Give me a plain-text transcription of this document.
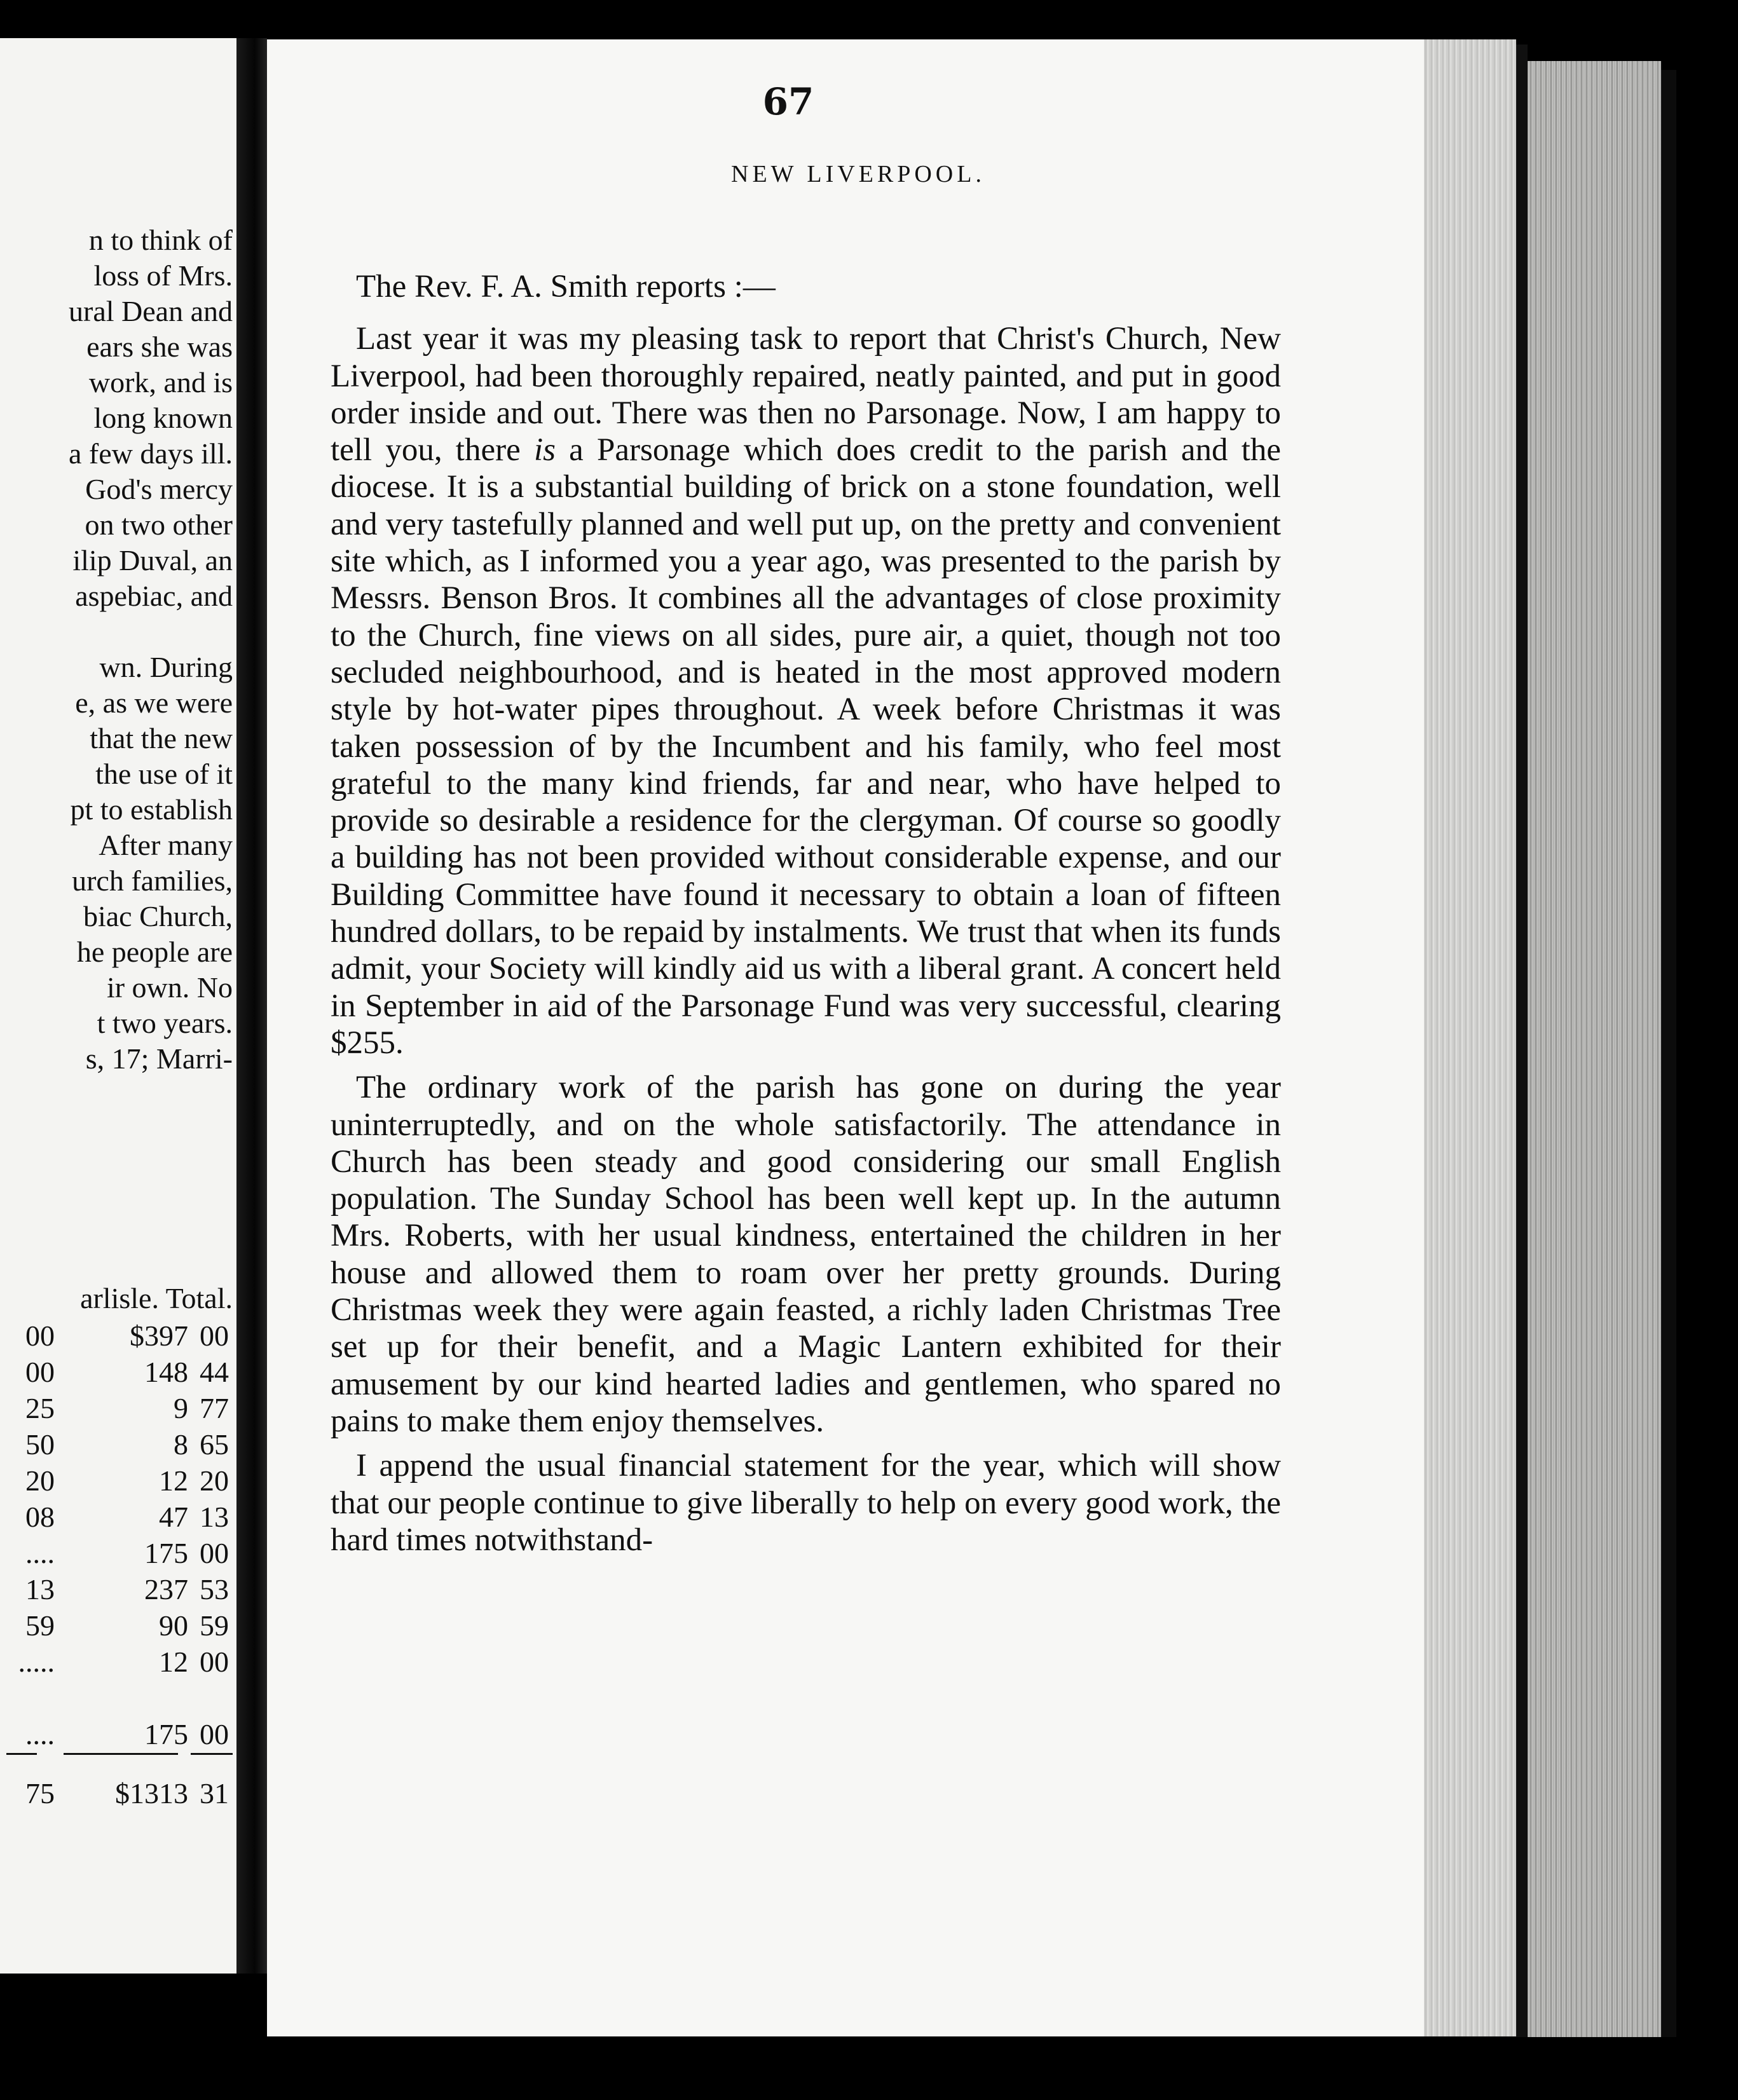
n to think of
loss of Mrs.
ural Dean and
ears she was
work, and is
long known
a few days ill.
God's mercy
on two other
ilip Duval, an
aspebiac, and
wn. During
e, as we were
that the new
the use of it
pt to establish
After many
urch families,
biac Church,
he people are
ir own. No
t two years.
s, 17; Marri-
arlisle. Total.
00	$397 00
00	148 44
25	9 77
50	8 65
20	12 20
08	47 13
....	175 00
13	237 53
59	90 59
.....	12 00
....	175 00
75 $1313 31
67
NEW LIVERPOOL.
The Rev. F. A. Smith reports :—

Last year it was my pleasing task to report that Christ's Church, New Liverpool, had been thoroughly repaired, neatly painted, and put in good order inside and out. There was then no Parsonage. Now, I am happy to tell you, there is a Parsonage which does credit to the parish and the diocese. It is a substantial building of brick on a stone foundation, well and very tastefully planned and well put up, on the pretty and convenient site which, as I informed you a year ago, was presented to the parish by Messrs. Benson Bros. It combines all the advantages of close proximity to the Church, fine views on all sides, pure air, a quiet, though not too secluded neighbourhood, and is heated in the most approved modern style by hot-water pipes throughout. A week before Christmas it was taken possession of by the Incumbent and his family, who feel most grateful to the many kind friends, far and near, who have helped to provide so desirable a residence for the clergyman. Of course so goodly a building has not been provided without considerable expense, and our Building Committee have found it necessary to obtain a loan of fifteen hundred dollars, to be repaid by instalments. We trust that when its funds admit, your Society will kindly aid us with a liberal grant. A concert held in September in aid of the Parsonage Fund was very successful, clearing $255.

The ordinary work of the parish has gone on during the year uninterruptedly, and on the whole satisfactorily. The attendance in Church has been steady and good considering our small English population. The Sunday School has been well kept up. In the autumn Mrs. Roberts, with her usual kindness, entertained the children in her house and allowed them to roam over her pretty grounds. During Christmas week they were again feasted, a richly laden Christmas Tree set up for their benefit, and a Magic Lantern exhibited for their amusement by our kind hearted ladies and gentlemen, who spared no pains to make them enjoy themselves.

I append the usual financial statement for the year, which will show that our people continue to give liberally to help on every good work, the hard times notwithstand-
